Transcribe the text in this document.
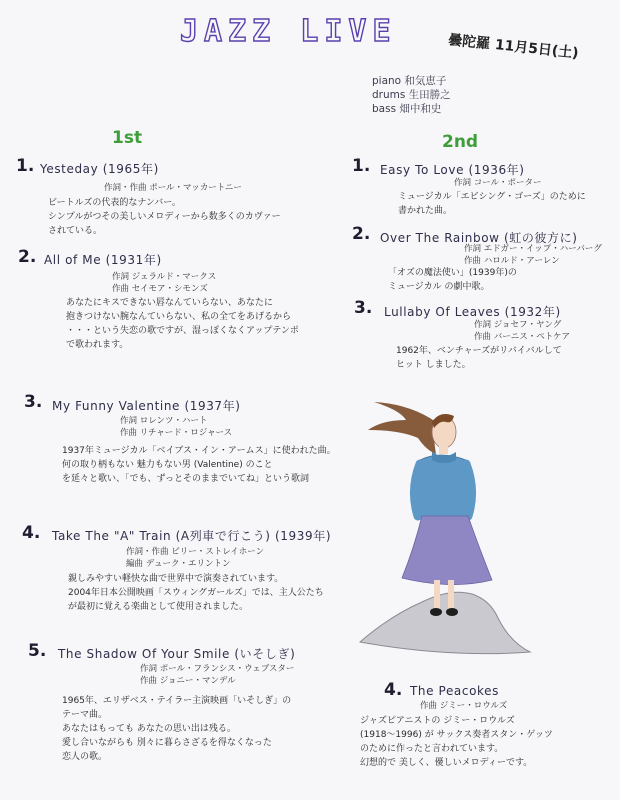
JAZZ LIVE	曇陀羅 11月5日(土)
piano 和気恵子
drums 生田勝之
bass 畑中和史
1st
1. Yesteday (1965年)
作詞・作曲 ポール・マッカートニー
ビートルズの代表的なナンバー。
シンプルがつその美しいメロディーから数多くのカヴァー
されている。
2. All of Me (1931年)
作詞 ジェラルド・マークス
作曲 セイモア・シモンズ
あなたにキスできない唇なんていらない、あなたに
抱きつけない腕なんていらない、私の全てをあげるから
・・・という失恋の歌ですが、湿っぽくなくアップテンポ
で歌われます。
3. My Funny Valentine (1937年)
作詞 ロレンツ・ハート
作曲 リチャード・ロジャース
1937年ミュージカル「ベイブス・イン・アームス」に使われた曲。
何の取り柄もない 魅力もない男 (Valentine) のこと
を延々と歌い、「でも、ずっとそのままでいてね」という歌詞
4. Take The "A" Train (A列車で行こう) (1939年)
作詞・作曲 ビリー・ストレイホーン
編曲 デューク・エリントン
親しみやすい軽快な曲で世界中で演奏されています。
2004年日本公開映画「スウィングガールズ」では、主人公たち
が最初に覚える楽曲として使用されました。
5. The Shadow Of Your Smile (いそしぎ)
作詞 ポール・フランシス・ウェブスター
作曲 ジョニー・マンデル
1965年、エリザベス・テイラー主演映画「いそしぎ」の
テーマ曲。
あなたはもっても あなたの思い出は残る。
愛し合いながらも 別々に暮らさざるを得なくなった
恋人の歌。
2nd
1. Easy To Love (1936年)
作詞 コール・ポーター
ミュージカル「エビシング・ゴーズ」のために
書かれた曲。
2. Over The Rainbow (虹の彼方に)
作詞 エドガー・イップ・ハーバーグ
作曲 ハロルド・アーレン
「オズの魔法使い」(1939年)の
ミュージカル の劇中歌。
3. Lullaby Of Leaves (1932年)
作詞 ジョセフ・ヤング
作曲 バーニス・ペトケア
1962年、ベンチャーズがリバイバルして
ヒット しました。
4. The Peacokes
作曲 ジミー・ロウルズ
ジャズピアニストの ジミー・ロウルズ
(1918〜1996) が サックス奏者スタン・ゲッツ
のために作ったと言われています。
幻想的で 美しく、優しいメロディーです。
